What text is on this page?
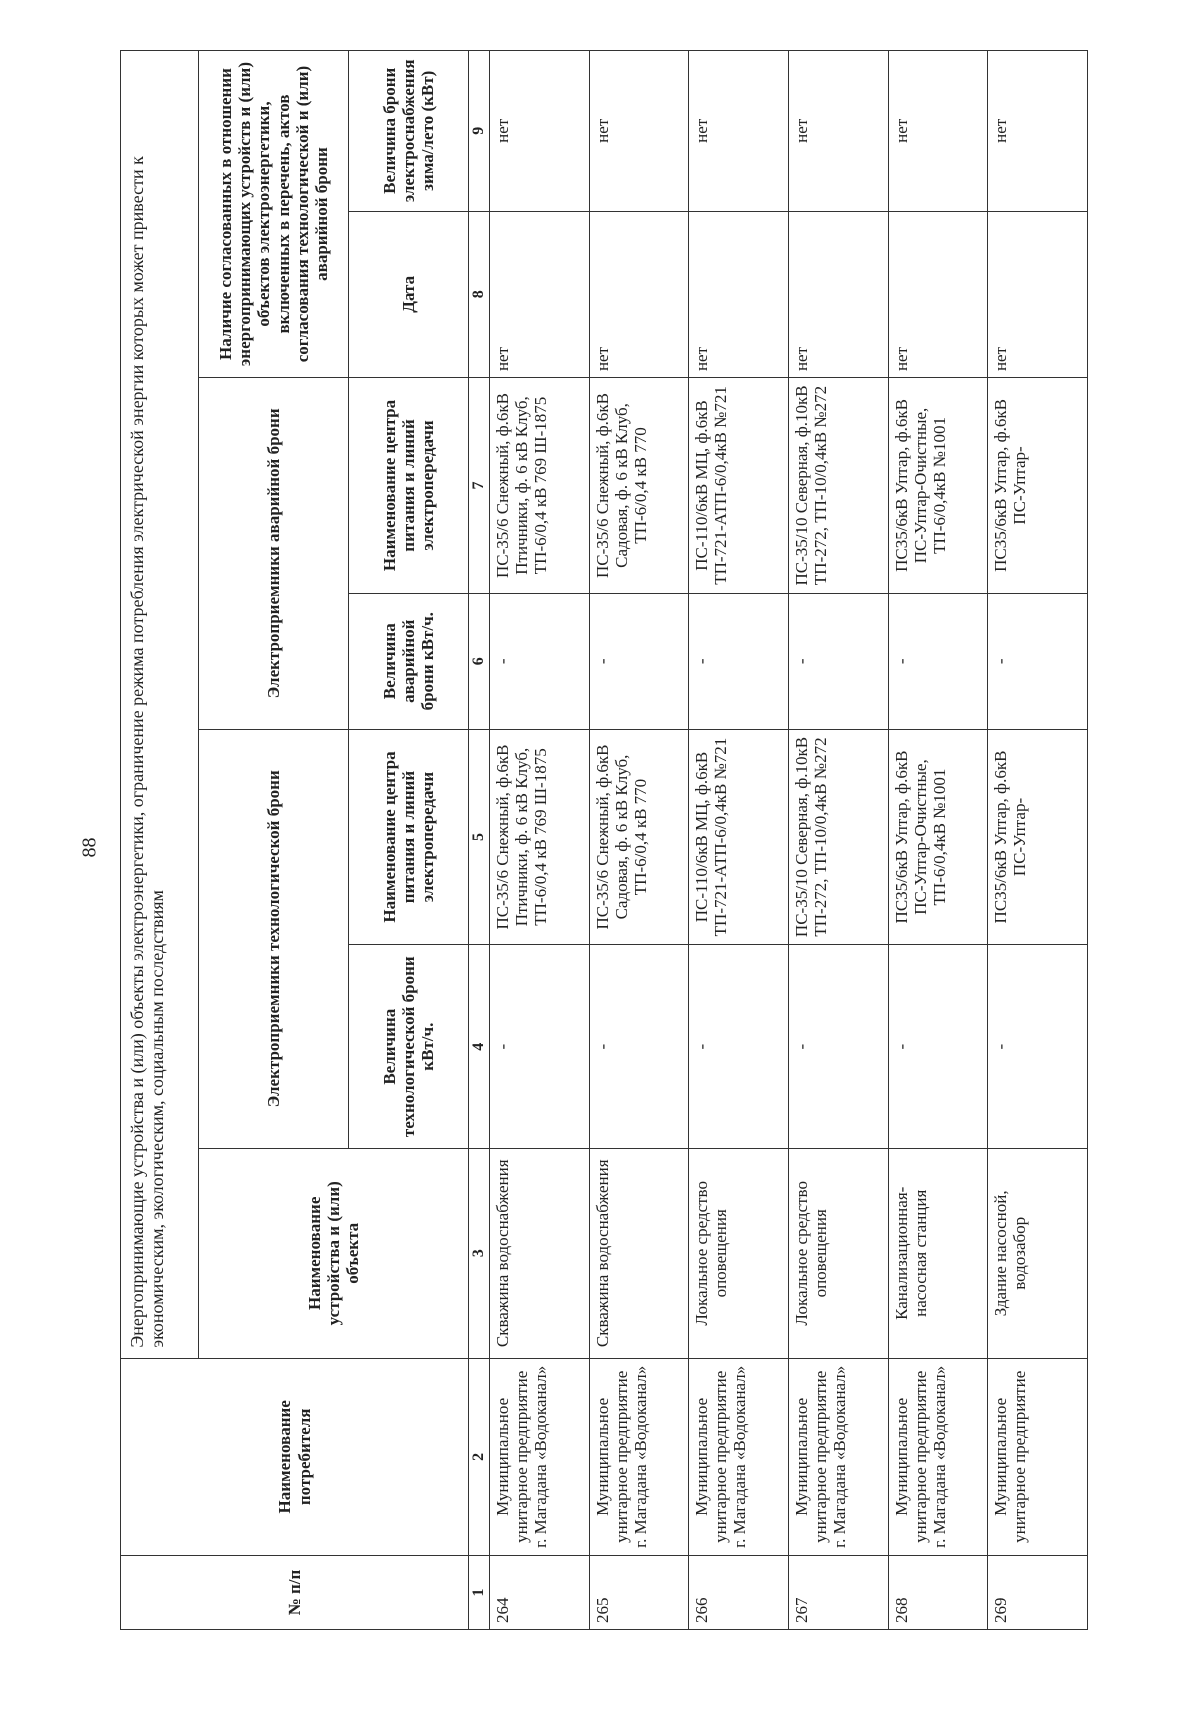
88
№ п/п	Наименование потребителя	Энергопринимающие устройства и (или) объекты электроэнергетики, ограничение режима потребления электрической энергии которых может привести к экономическим, экологическим, социальным последствиям						
		Наименование устройства и (или) объекта	Электроприемники технологической брони		Электроприемники аварийной брони		Наличие согласованных в отношении энергопринимающих устройств и (или) объектов электроэнергетики, включенных в перечень, актов согласования технологической и (или) аварийной брони	
			Величина технологической брони кВт/ч.	Наименование центра питания и линий электропередачи	Величина аварийной брони кВт/ч.	Наименование центра питания и линий электропередачи	Дата	Величина брони электроснабжения зима/лето (кВт)
1	2	3	4	5	6	7	8	9
264	Муниципальное унитарное предприятие г. Магадана «Водоканал»	Скважина водоснабжения	-	ПС-35/6 Снежный, ф.6кВ Птичники, ф. 6 кВ Клуб, ТП-6/0,4 кВ 769 Ш-1875	-	ПС-35/6 Снежный, ф.6кВ Птичники, ф. 6 кВ Клуб, ТП-6/0,4 кВ 769 Ш-1875	нет	нет
265	Муниципальное унитарное предприятие г. Магадана «Водоканал»	Скважина водоснабжения	-	ПС-35/6 Снежный, ф.6кВ Садовая, ф. 6 кВ Клуб, ТП-6/0,4 кВ 770	-	ПС-35/6 Снежный, ф.6кВ Садовая, ф. 6 кВ Клуб, ТП-6/0,4 кВ 770	нет	нет
266	Муниципальное унитарное предприятие г. Магадана «Водоканал»	Локальное средство оповещения	-	ПС-110/6кВ МЦ, ф.6кВ ТП-721-АТП-6/0,4кВ №721	-	ПС-110/6кВ МЦ, ф.6кВ ТП-721-АТП-6/0,4кВ №721	нет	нет
267	Муниципальное унитарное предприятие г. Магадана «Водоканал»	Локальное средство оповещения	-	ПС-35/10 Северная, ф.10кВ ТП-272, ТП-10/0,4кВ №272	-	ПС-35/10 Северная, ф.10кВ ТП-272, ТП-10/0,4кВ №272	нет	нет
268	Муниципальное унитарное предприятие г. Магадана «Водоканал»	Канализационная-насосная станция	-	ПС35/6кВ Уптар, ф.6кВ ПС-Уптар-Очистные, ТП-6/0,4кВ №1001	-	ПС35/6кВ Уптар, ф.6кВ ПС-Уптар-Очистные, ТП-6/0,4кВ №1001	нет	нет
269	Муниципальное унитарное предприятие	Здание насосной, водозабор	-	ПС35/6кВ Уптар, ф.6кВ ПС-Уптар-	-	ПС35/6кВ Уптар, ф.6кВ ПС-Уптар-	нет	нет
